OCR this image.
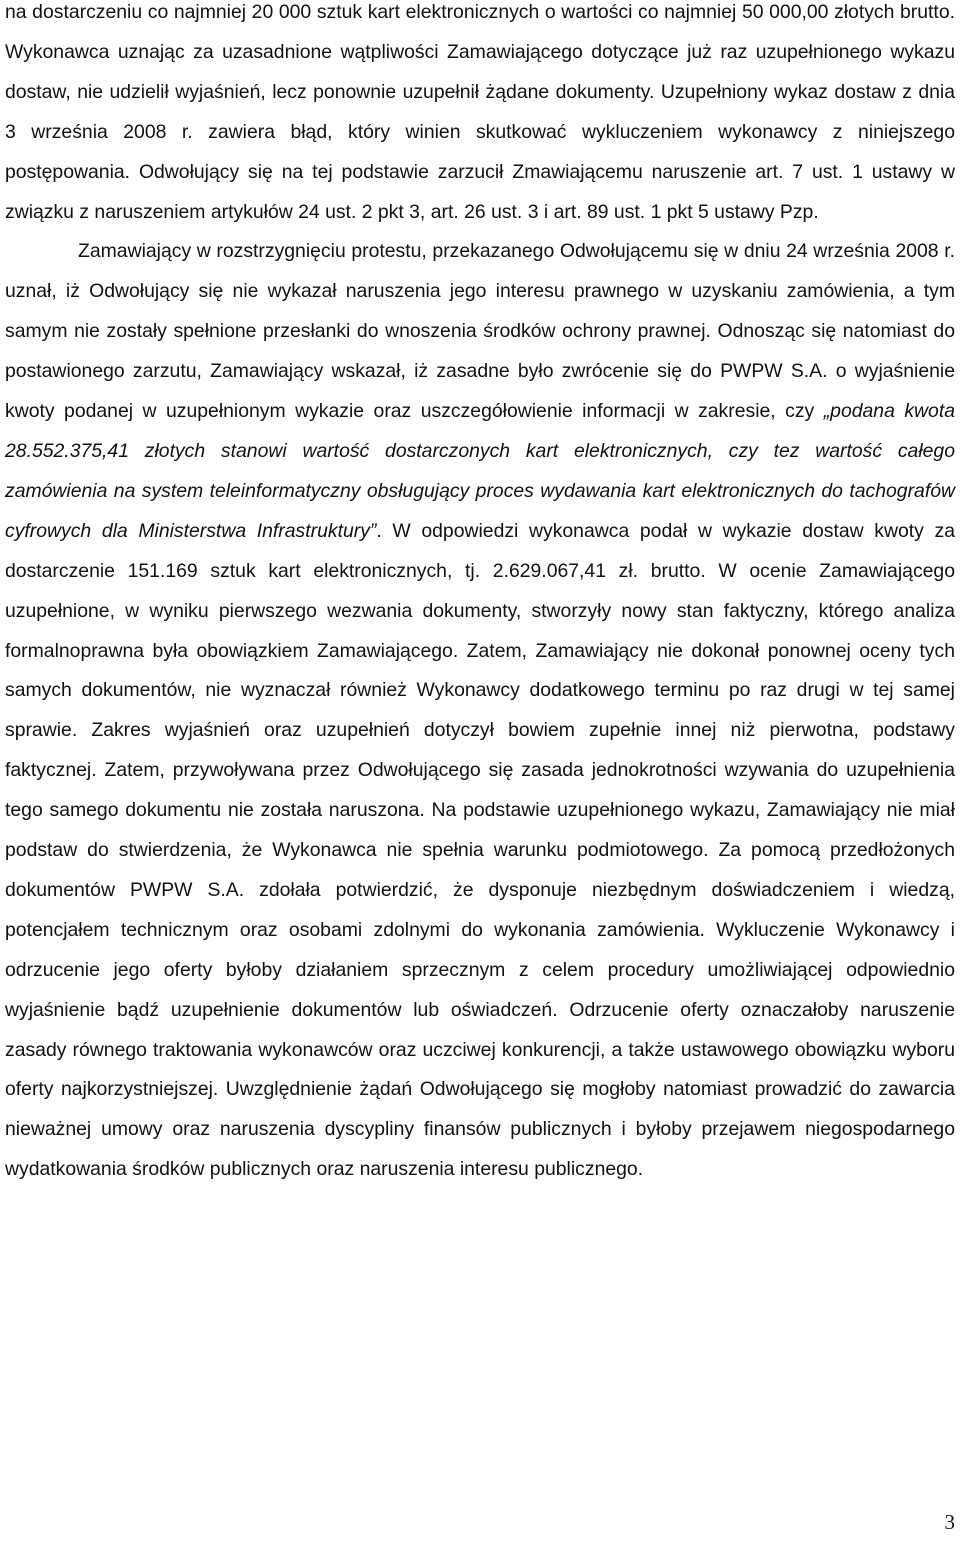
na dostarczeniu co najmniej 20 000 sztuk kart elektronicznych o wartości co najmniej 50 000,00 złotych brutto. Wykonawca uznając za uzasadnione wątpliwości Zamawiającego dotyczące już raz uzupełnionego wykazu dostaw, nie udzielił wyjaśnień, lecz ponownie uzupełnił żądane dokumenty. Uzupełniony wykaz dostaw z dnia 3 września 2008 r. zawiera błąd, który winien skutkować wykluczeniem wykonawcy z niniejszego postępowania. Odwołujący się na tej podstawie zarzucił Zmawiającemu naruszenie art. 7 ust. 1 ustawy w związku z naruszeniem artykułów 24 ust. 2 pkt 3, art. 26 ust. 3 i art. 89 ust. 1 pkt 5 ustawy Pzp.

Zamawiający w rozstrzygnięciu protestu, przekazanego Odwołującemu się w dniu 24 września 2008 r. uznał, iż Odwołujący się nie wykazał naruszenia jego interesu prawnego w uzyskaniu zamówienia, a tym samym nie zostały spełnione przesłanki do wnoszenia środków ochrony prawnej. Odnosząc się natomiast do postawionego zarzutu, Zamawiający wskazał, iż zasadne było zwrócenie się do PWPW S.A. o wyjaśnienie kwoty podanej w uzupełnionym wykazie oraz uszczegółowienie informacji w zakresie, czy „podana kwota 28.552.375,41 złotych stanowi wartość dostarczonych kart elektronicznych, czy tez wartość całego zamówienia na system teleinformatyczny obsługujący proces wydawania kart elektronicznych do tachografów cyfrowych dla Ministerstwa Infrastruktury”. W odpowiedzi wykonawca podał w wykazie dostaw kwoty za dostarczenie 151.169 sztuk kart elektronicznych, tj. 2.629.067,41 zł. brutto. W ocenie Zamawiającego uzupełnione, w wyniku pierwszego wezwania dokumenty, stworzyły nowy stan faktyczny, którego analiza formalnoprawna była obowiązkiem Zamawiającego. Zatem, Zamawiający nie dokonał ponownej oceny tych samych dokumentów, nie wyznaczał również Wykonawcy dodatkowego terminu po raz drugi w tej samej sprawie. Zakres wyjaśnień oraz uzupełnień dotyczył bowiem zupełnie innej niż pierwotna, podstawy faktycznej. Zatem, przywoływana przez Odwołującego się zasada jednokrotności wzywania do uzupełnienia tego samego dokumentu nie została naruszona. Na podstawie uzupełnionego wykazu, Zamawiający nie miał podstaw do stwierdzenia, że Wykonawca nie spełnia warunku podmiotowego. Za pomocą przedłożonych dokumentów PWPW S.A. zdołała potwierdzić, że dysponuje niezbędnym doświadczeniem i wiedzą, potencjałem technicznym oraz osobami zdolnymi do wykonania zamówienia. Wykluczenie Wykonawcy i odrzucenie jego oferty byłoby działaniem sprzecznym z celem procedury umożliwiającej odpowiednio wyjaśnienie bądź uzupełnienie dokumentów lub oświadczeń. Odrzucenie oferty oznaczałoby naruszenie zasady równego traktowania wykonawców oraz uczciwej konkurencji, a także ustawowego obowiązku wyboru oferty najkorzystniejszej. Uwzględnienie żądań Odwołującego się mogłoby natomiast prowadzić do zawarcia nieważnej umowy oraz naruszenia dyscypliny finansów publicznych i byłoby przejawem niegospodarnego wydatkowania środków publicznych oraz naruszenia interesu publicznego.

3
